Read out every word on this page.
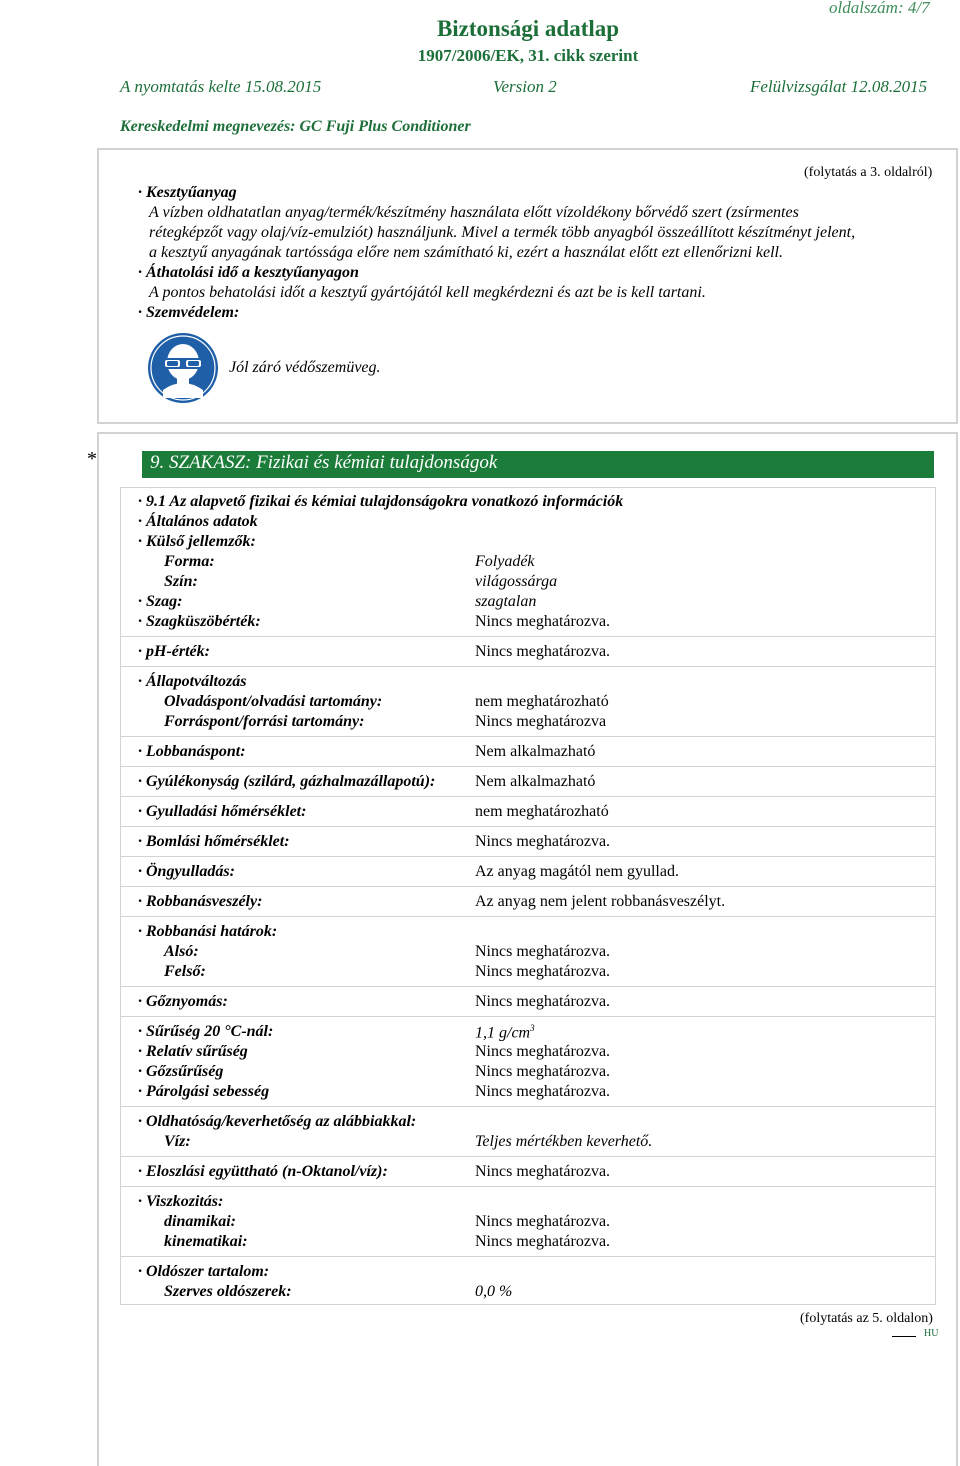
oldalszám: 4/7
Biztonsági adatlap
1907/2006/EK, 31. cikk szerint
A nyomtatás kelte 15.08.2015	Version 2	Felülvizsgálat 12.08.2015
Kereskedelmi megnevezés: GC Fuji Plus Conditioner
(folytatás a 3. oldalról)
· Kesztyűanyag
A vízben oldhatatlan anyag/termék/készítmény használata előtt vízoldékony bőrvédő szert (zsírmentes
rétegképzőt vagy olaj/víz-emulziót) használjunk. Mivel a termék több anyagból összeállított készítményt jelent,
a kesztyű anyagának tartóssága előre nem számítható ki, ezért a használat előtt ezt ellenőrizni kell.
· Áthatolási idő a kesztyűanyagon
A pontos behatolási időt a kesztyű gyártójától kell megkérdezni és azt be is kell tartani.
· Szemvédelem:
Jól záró védőszemüveg.
*	9. SZAKASZ: Fizikai és kémiai tulajdonságok
· 9.1 Az alapvető fizikai és kémiai tulajdonságokra vonatkozó információk
· Általános adatok
· Külső jellemzők:
Forma:	Folyadék
Szín:	világossárga
· Szag:	szagtalan
· Szagküszöbérték:	Nincs meghatározva.
· pH-érték:	Nincs meghatározva.
· Állapotváltozás
Olvadáspont/olvadási tartomány:	nem meghatározható
Forráspont/forrási tartomány:	Nincs meghatározva
· Lobbanáspont:	Nem alkalmazható
· Gyúlékonyság (szilárd, gázhalmazállapotú): Nem alkalmazható
· Gyulladási hőmérséklet:	nem meghatározható
· Bomlási hőmérséklet:	Nincs meghatározva.
· Öngyulladás:	Az anyag magától nem gyullad.
· Robbanásveszély:	Az anyag nem jelent robbanásveszélyt.
· Robbanási határok:
Alsó:	Nincs meghatározva.
Felső:	Nincs meghatározva.
· Gőznyomás:	Nincs meghatározva.
· Sűrűség 20 °C-nál:	1,1 $g/cm^3$
· Relatív sűrűség	Nincs meghatározva.
· Gőzsűrűség	Nincs meghatározva.
· Párolgási sebesség	Nincs meghatározva.
· Oldhatóság/keverhetőség az alábbiakkal:
Víz:	Teljes mértékben keverhető.
· Eloszlási együttható (n-Oktanol/víz):	Nincs meghatározva.
· Viszkozitás:
dinamikai:	Nincs meghatározva.
kinematikai:	Nincs meghatározva.
· Oldószer tartalom:
Szerves oldószerek:	0,0 %
(folytatás az 5. oldalon)
HU
